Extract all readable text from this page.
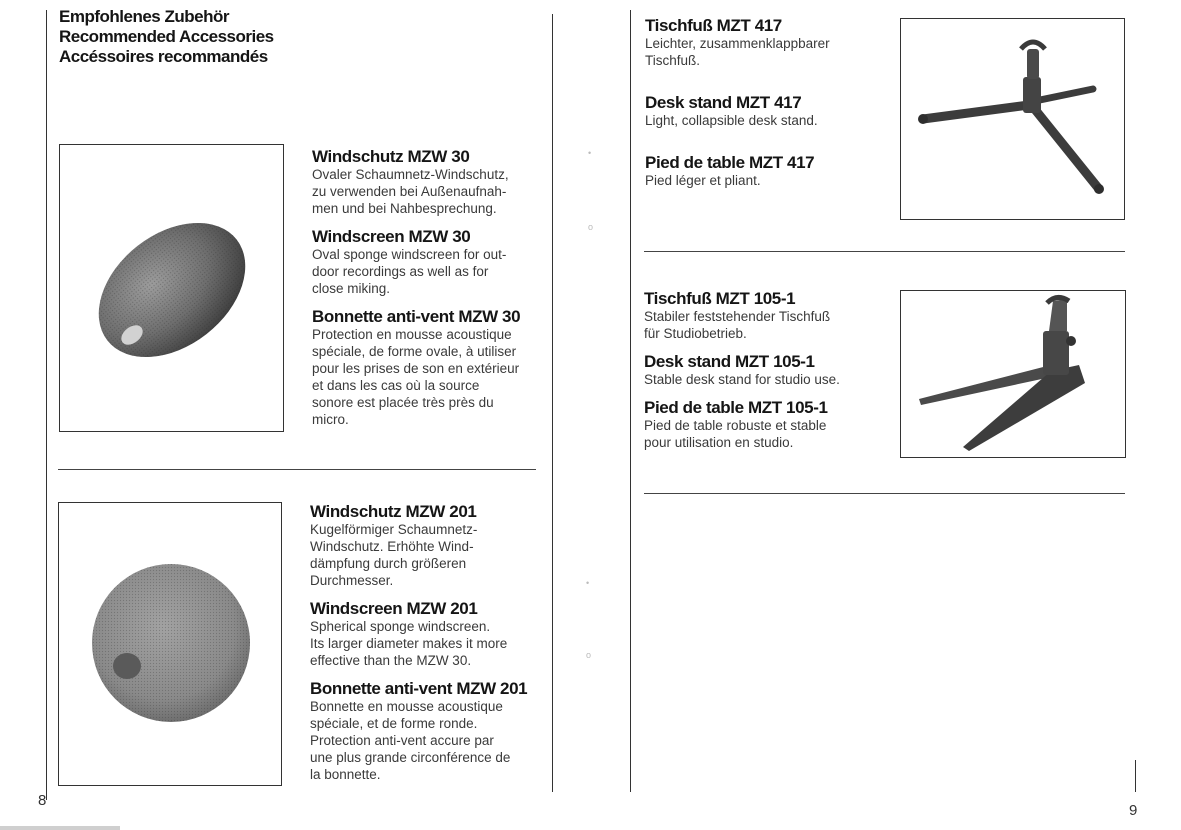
•
o
•
o
Empfohlenes Zubehör
Recommended Accessories
Accéssoires recommandés
Windschutz MZW 30
Ovaler Schaumnetz-Windschutz,
zu verwenden bei Außenaufnah-
men und bei Nahbesprechung.
Windscreen MZW 30
Oval sponge windscreen for out-
door recordings as well as for
close miking.
Bonnette anti-vent MZW 30
Protection en mousse acoustique
spéciale, de forme ovale, à utiliser
pour les prises de son en extérieur
et dans les cas où la source
sonore est placée très près du
micro.
Windschutz MZW 201
Kugelförmiger Schaumnetz-
Windschutz. Erhöhte Wind-
dämpfung durch größeren
Durchmesser.
Windscreen MZW 201
Spherical sponge windscreen.
Its larger diameter makes it more
effective than the MZW 30.
Bonnette anti-vent MZW 201
Bonnette en mousse acoustique
spéciale, et de forme ronde.
Protection anti-vent accure par
une plus grande circonférence de
la bonnette.
8
Tischfuß MZT 417
Leichter, zusammenklappbarer
Tischfuß.
Desk stand MZT 417
Light, collapsible desk stand.
Pied de table MZT 417
Pied léger et pliant.
Tischfuß MZT 105-1
Stabiler feststehender Tischfuß
für Studiobetrieb.
Desk stand MZT 105-1
Stable desk stand for studio use.
Pied de table MZT 105-1
Pied de table robuste et stable
pour utilisation en studio.
9
